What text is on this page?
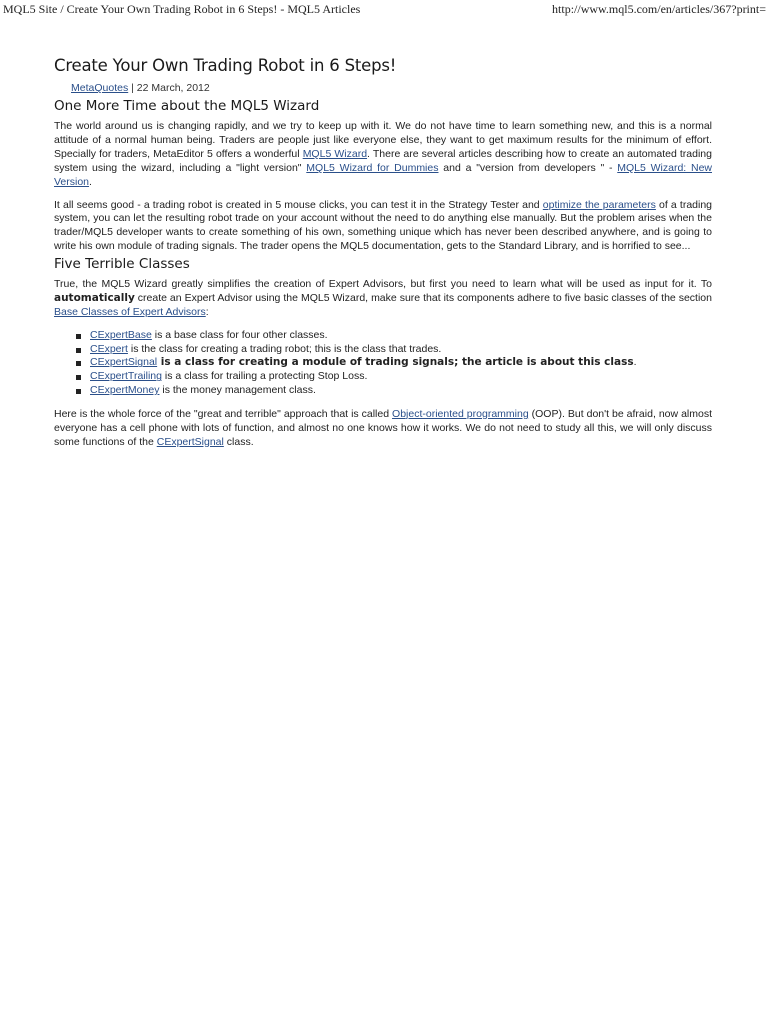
MQL5 Site / Create Your Own Trading Robot in 6 Steps! - MQL5 Articles	http://www.mql5.com/en/articles/367?print=
Create Your Own Trading Robot in 6 Steps!
MetaQuotes | 22 March, 2012
One More Time about the MQL5 Wizard

The world around us is changing rapidly, and we try to keep up with it. We do not have time to learn something new, and this is a normal attitude of a normal human being. Traders are people just like everyone else, they want to get maximum results for the minimum of effort. Specially for traders, MetaEditor 5 offers a wonderful MQL5 Wizard. There are several articles describing how to create an automated trading system using the wizard, including a "light version" MQL5 Wizard for Dummies and a "version from developers " - MQL5 Wizard: New Version.

It all seems good - a trading robot is created in 5 mouse clicks, you can test it in the Strategy Tester and optimize the parameters of a trading system, you can let the resulting robot trade on your account without the need to do anything else manually. But the problem arises when the trader/MQL5 developer wants to create something of his own, something unique which has never been described anywhere, and is going to write his own module of trading signals. The trader opens the MQL5 documentation, gets to the Standard Library, and is horrified to see...

Five Terrible Classes

True, the MQL5 Wizard greatly simplifies the creation of Expert Advisors, but first you need to learn what will be used as input for it. To automatically create an Expert Advisor using the MQL5 Wizard, make sure that its components adhere to five basic classes of the section Base Classes of Expert Advisors:

CExpertBase is a base class for four other classes.
CExpert is the class for creating a trading robot; this is the class that trades.
CExpertSignal is a class for creating a module of trading signals; the article is about this class.
CExpertTrailing is a class for trailing a protecting Stop Loss.
CExpertMoney is the money management class.

Here is the whole force of the "great and terrible" approach that is called Object-oriented programming (OOP). But don't be afraid, now almost everyone has a cell phone with lots of function, and almost no one knows how it works. We do not need to study all this, we will only discuss some functions of the CExpertSignal class.
